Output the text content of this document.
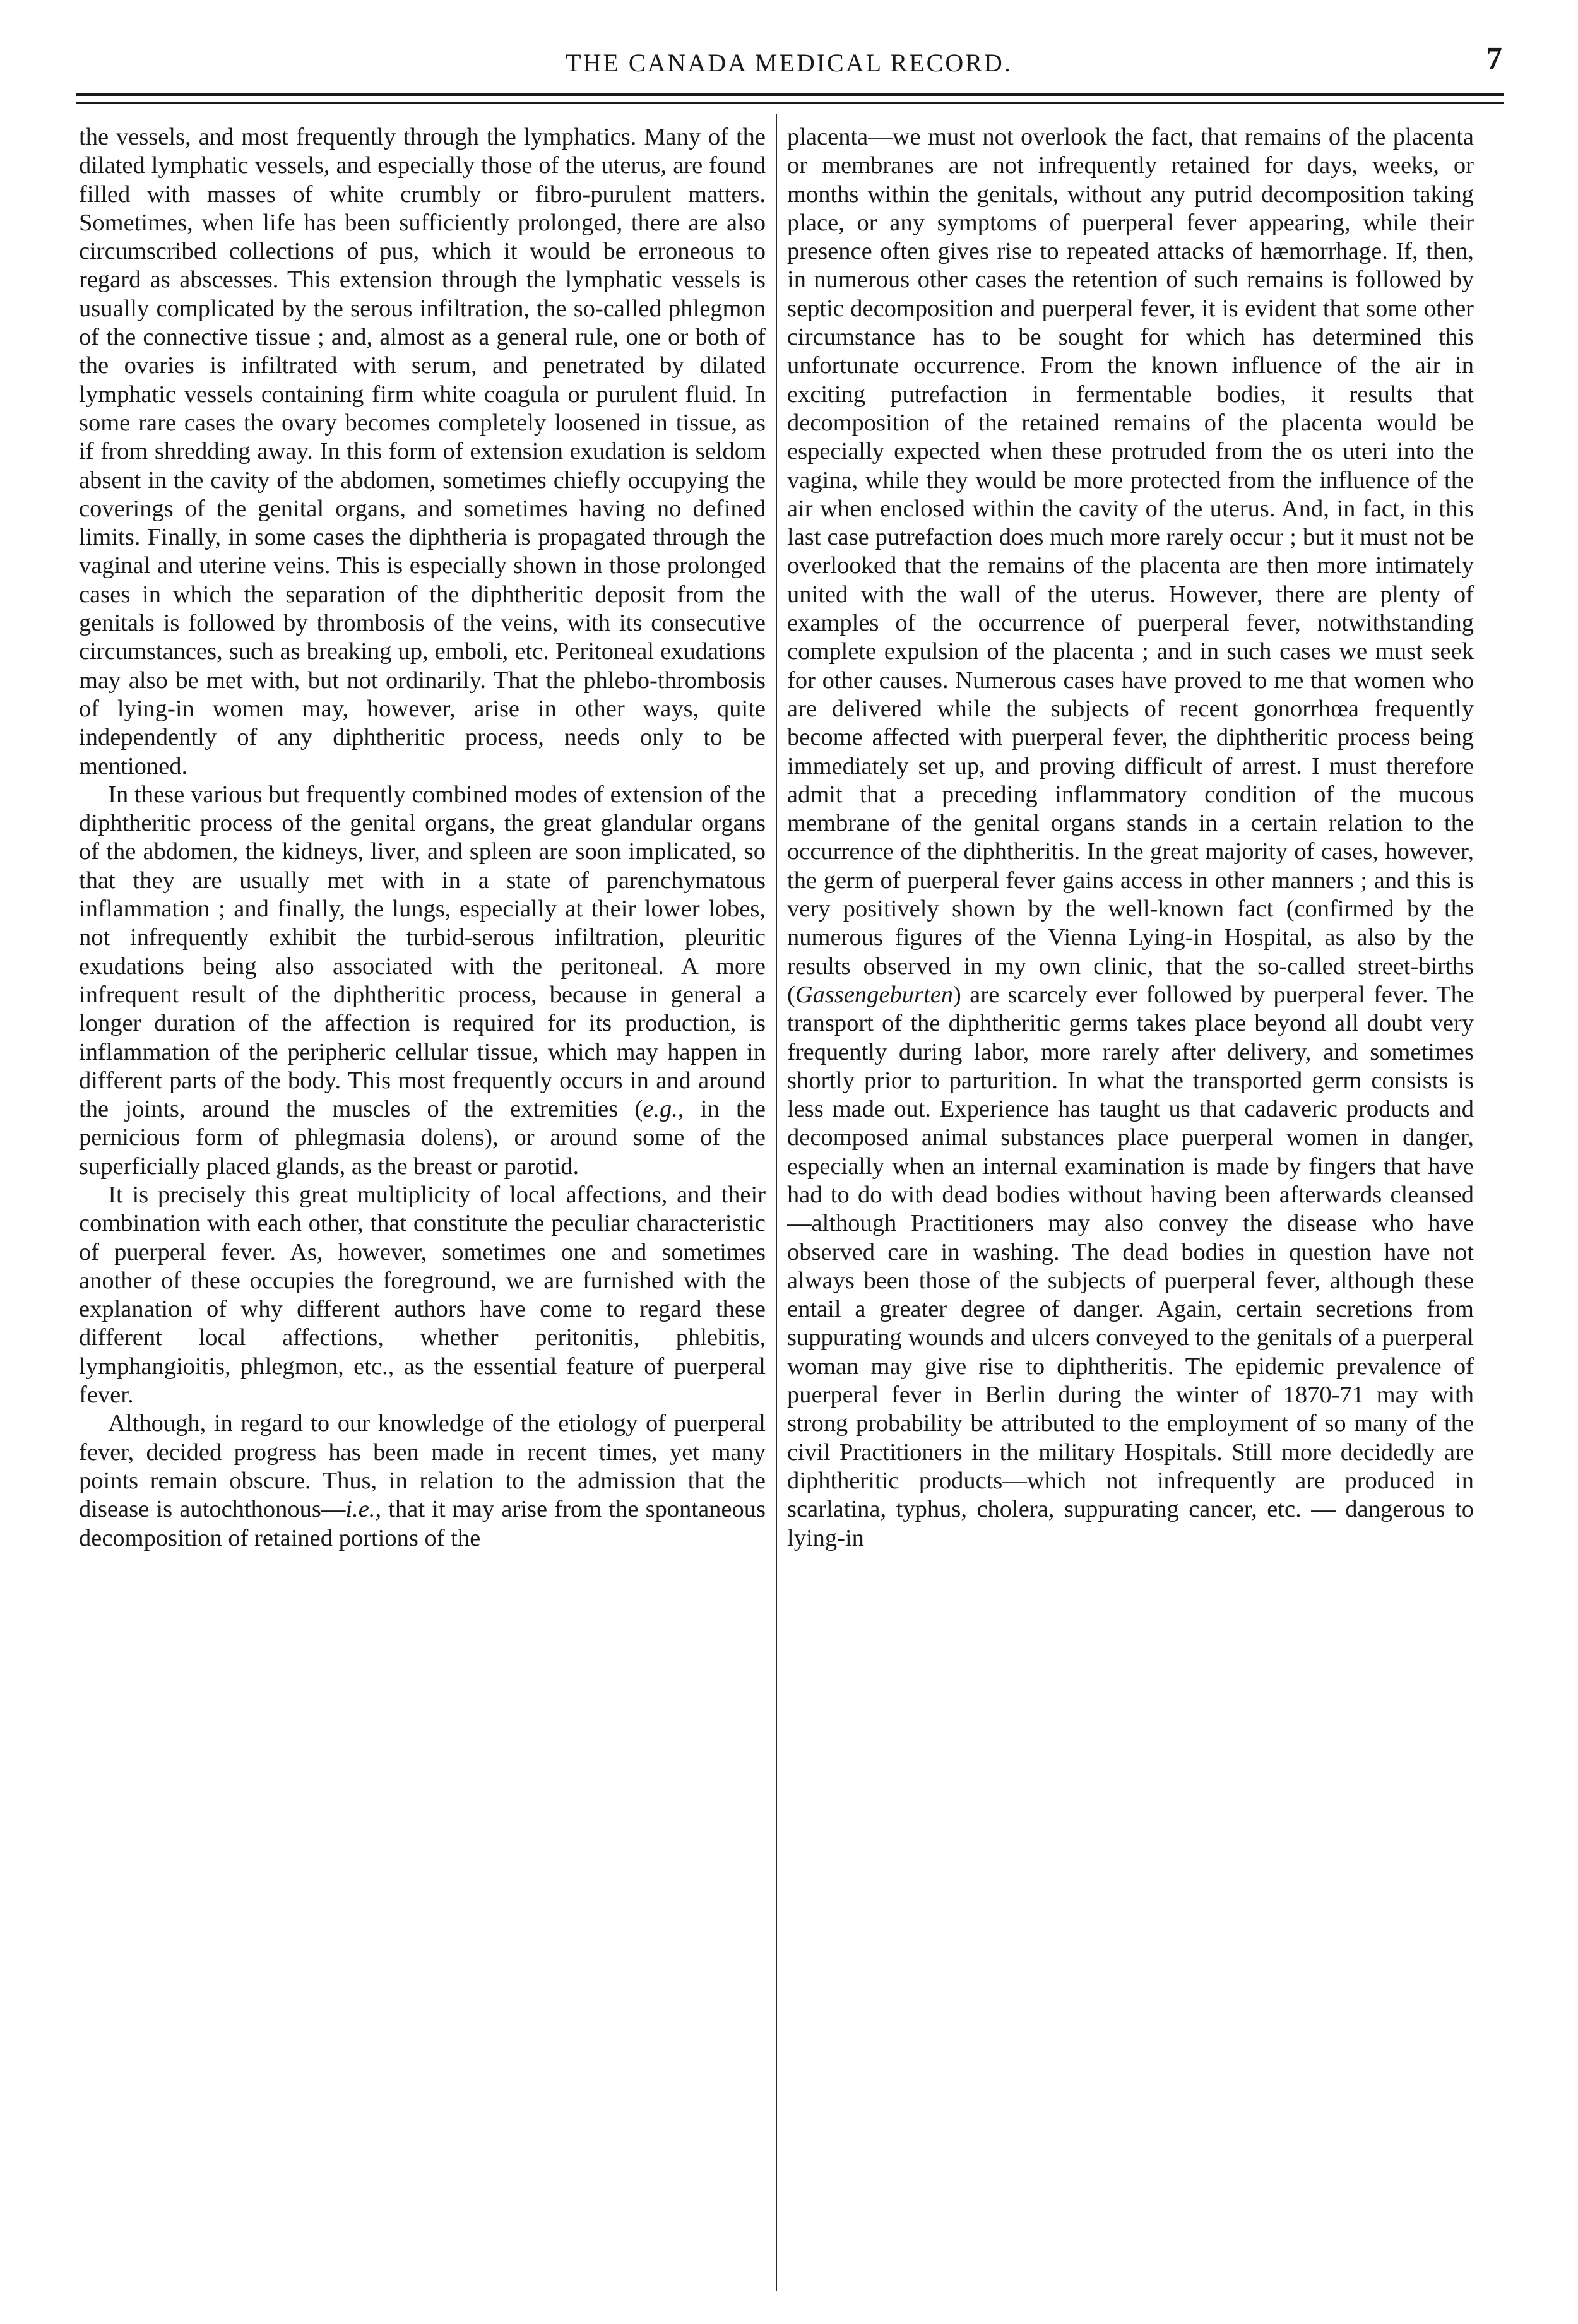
THE CANADA MEDICAL RECORD.	7

the vessels, and most frequently through the lymphatics. Many of the dilated lymphatic vessels, and especially those of the uterus, are found filled with masses of white crumbly or fibro-purulent matters. Sometimes, when life has been sufficiently prolonged, there are also circumscribed collections of pus, which it would be erroneous to regard as abscesses. This extension through the lymphatic vessels is usually complicated by the serous infiltration, the so-called phlegmon of the connective tissue ; and, almost as a general rule, one or both of the ovaries is infiltrated with serum, and penetrated by dilated lymphatic vessels containing firm white coagula or purulent fluid. In some rare cases the ovary becomes completely loosened in tissue, as if from shredding away. In this form of extension exudation is seldom absent in the cavity of the abdomen, sometimes chiefly occupying the coverings of the genital organs, and sometimes having no defined limits. Finally, in some cases the diphtheria is propagated through the vaginal and uterine veins. This is especially shown in those prolonged cases in which the separation of the diphtheritic deposit from the genitals is followed by thrombosis of the veins, with its consecutive circumstances, such as breaking up, emboli, etc. Peritoneal exudations may also be met with, but not ordinarily. That the phlebo-thrombosis of lying-in women may, however, arise in other ways, quite independently of any diphtheritic process, needs only to be mentioned.

In these various but frequently combined modes of extension of the diphtheritic process of the genital organs, the great glandular organs of the abdomen, the kidneys, liver, and spleen are soon implicated, so that they are usually met with in a state of parenchymatous inflammation ; and finally, the lungs, especially at their lower lobes, not infrequently exhibit the turbid-serous infiltration, pleuritic exudations being also associated with the peritoneal. A more infrequent result of the diphtheritic process, because in general a longer duration of the affection is required for its production, is inflammation of the peripheric cellular tissue, which may happen in different parts of the body. This most frequently occurs in and around the joints, around the muscles of the extremities (e.g., in the pernicious form of phlegmasia dolens), or around some of the superficially placed glands, as the breast or parotid.

It is precisely this great multiplicity of local affections, and their combination with each other, that constitute the peculiar characteristic of puerperal fever. As, however, sometimes one and sometimes another of these occupies the foreground, we are furnished with the explanation of why different authors have come to regard these different local affections, whether peritonitis, phlebitis, lymphangioitis, phlegmon, etc., as the essential feature of puerperal fever.

Although, in regard to our knowledge of the etiology of puerperal fever, decided progress has been made in recent times, yet many points remain obscure. Thus, in relation to the admission that the disease is autochthonous—i.e., that it may arise from the spontaneous decomposition of retained portions of the

placenta—we must not overlook the fact, that remains of the placenta or membranes are not infrequently retained for days, weeks, or months within the genitals, without any putrid decomposition taking place, or any symptoms of puerperal fever appearing, while their presence often gives rise to repeated attacks of hæmorrhage. If, then, in numerous other cases the retention of such remains is followed by septic decomposition and puerperal fever, it is evident that some other circumstance has to be sought for which has determined this unfortunate occurrence. From the known influence of the air in exciting putrefaction in fermentable bodies, it results that decomposition of the retained remains of the placenta would be especially expected when these protruded from the os uteri into the vagina, while they would be more protected from the influence of the air when enclosed within the cavity of the uterus. And, in fact, in this last case putrefaction does much more rarely occur ; but it must not be overlooked that the remains of the placenta are then more intimately united with the wall of the uterus. However, there are plenty of examples of the occurrence of puerperal fever, notwithstanding complete expulsion of the placenta ; and in such cases we must seek for other causes. Numerous cases have proved to me that women who are delivered while the subjects of recent gonorrhœa frequently become affected with puerperal fever, the diphtheritic process being immediately set up, and proving difficult of arrest. I must therefore admit that a preceding inflammatory condition of the mucous membrane of the genital organs stands in a certain relation to the occurrence of the diphtheritis. In the great majority of cases, however, the germ of puerperal fever gains access in other manners ; and this is very positively shown by the well-known fact (confirmed by the numerous figures of the Vienna Lying-in Hospital, as also by the results observed in my own clinic, that the so-called street-births (Gassengeburten) are scarcely ever followed by puerperal fever. The transport of the diphtheritic germs takes place beyond all doubt very frequently during labor, more rarely after delivery, and sometimes shortly prior to parturition. In what the transported germ consists is less made out. Experience has taught us that cadaveric products and decomposed animal substances place puerperal women in danger, especially when an internal examination is made by fingers that have had to do with dead bodies without having been afterwards cleansed—although Practitioners may also convey the disease who have observed care in washing. The dead bodies in question have not always been those of the subjects of puerperal fever, although these entail a greater degree of danger. Again, certain secretions from suppurating wounds and ulcers conveyed to the genitals of a puerperal woman may give rise to diphtheritis. The epidemic prevalence of puerperal fever in Berlin during the winter of 1870-71 may with strong probability be attributed to the employment of so many of the civil Practitioners in the military Hospitals. Still more decidedly are diphtheritic products—which not infrequently are produced in scarlatina, typhus, cholera, suppurating cancer, etc. — dangerous to lying-in
